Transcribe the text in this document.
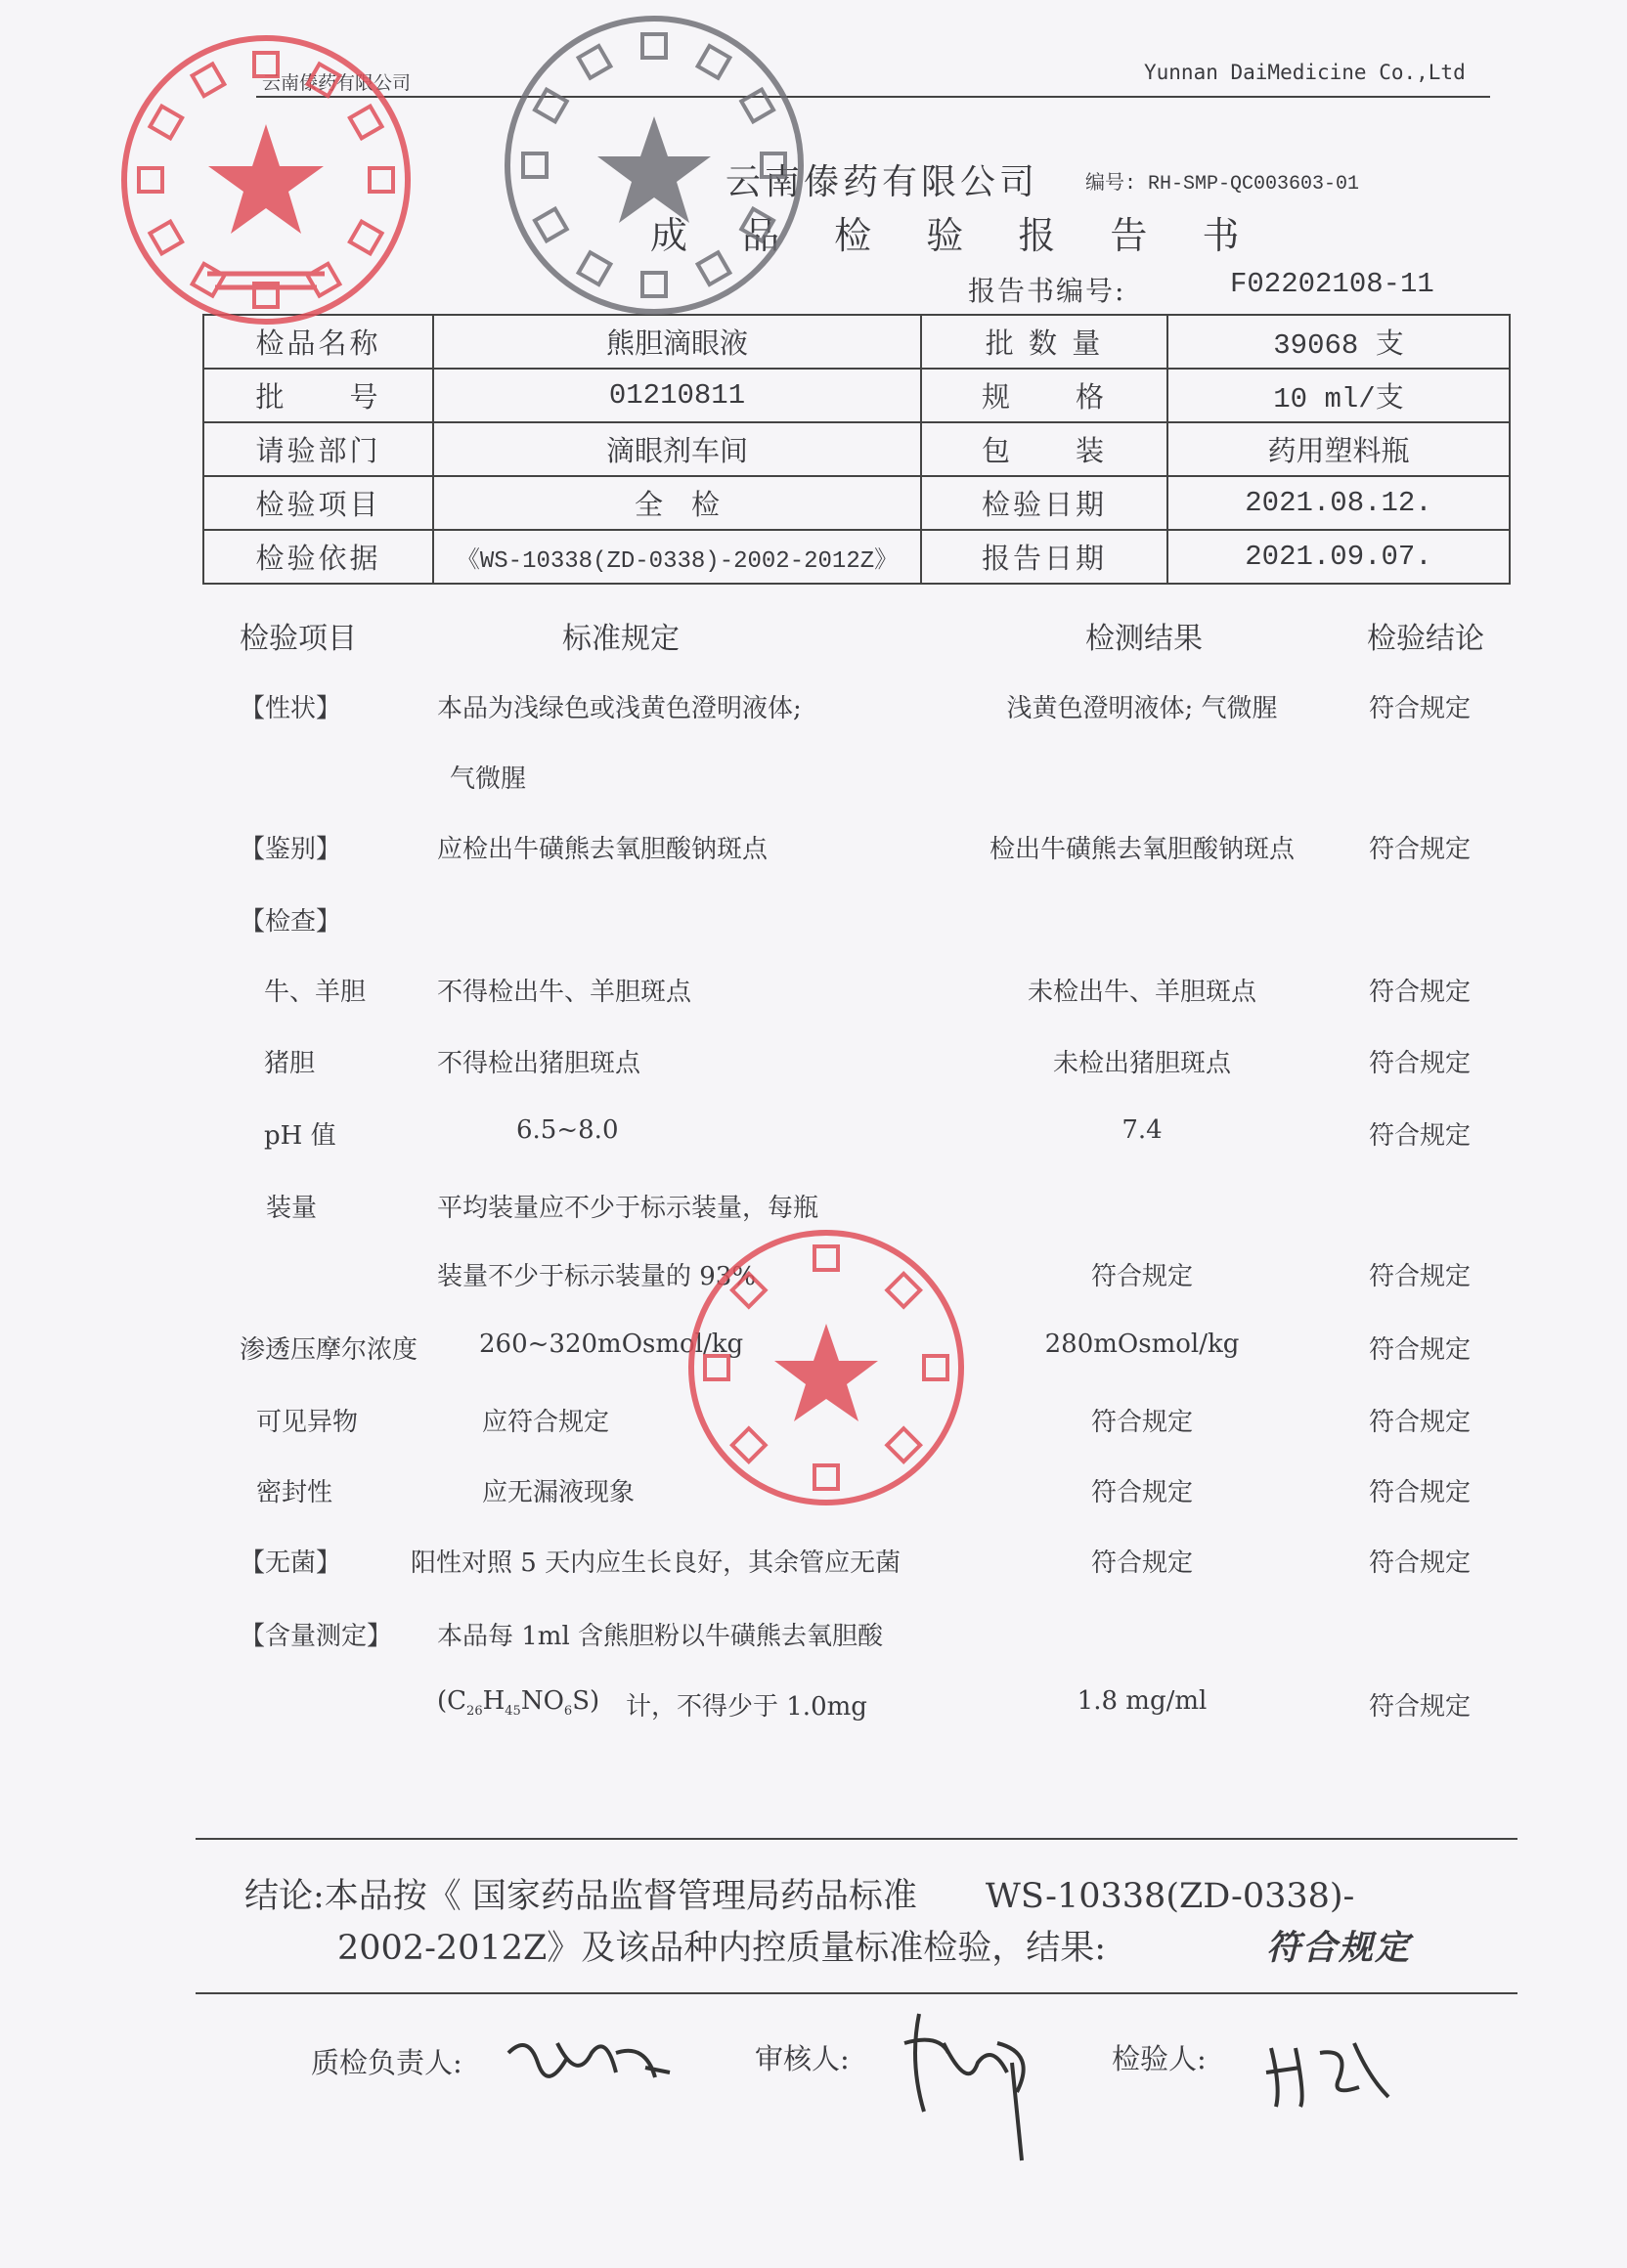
云南傣药有限公司	Yunnan DaiMedicine Co.,Ltd
云南傣药有限公司 编号: RH-SMP-QC003603-01
成 品 检 验 报 告 书
报告书编号:	F02202108-11
检品名称	熊胆滴眼液	批 数 量	39068 支
批　　号	01210811	规　　格	10 ml/支
请验部门	滴眼剂车间	包　　装	药用塑料瓶
检验项目	全　检	检验日期	2021.08.12.
检验依据	《WS-10338(ZD-0338)-2002-2012Z》	报告日期	2021.09.07.
检验项目	标准规定	检测结果	检验结论
【性状】	本品为浅绿色或浅黄色澄明液体;	浅黄色澄明液体; 气微腥	符合规定
气微腥
【鉴别】	应检出牛磺熊去氧胆酸钠斑点	检出牛磺熊去氧胆酸钠斑点	符合规定
【检查】
牛、羊胆	不得检出牛、羊胆斑点	未检出牛、羊胆斑点	符合规定
猪胆	不得检出猪胆斑点	未检出猪胆斑点	符合规定
pH 值	6.5~8.0	7.4	符合规定
装量	平均装量应不少于标示装量，每瓶
装量不少于标示装量的 93%	符合规定	符合规定
渗透压摩尔浓度 260~320mOsmol/kg	280mOsmol/kg	符合规定
可见异物	应符合规定	符合规定	符合规定
密封性	应无漏液现象	符合规定	符合规定
【无菌】	阳性对照 5 天内应生长良好，其余管应无菌	符合规定	符合规定
【含量测定】 本品每 1ml 含熊胆粉以牛磺熊去氧胆酸
$(C_{26}H_{45}NO_6S)$ 计，不得少于 1.0mg	1.8 mg/ml	符合规定
结论:本品按《 国家药品监督管理局药品标准　　WS-10338(ZD-0338)-
2002-2012Z》及该品种内控质量标准检验，结果:	符合规定
质检负责人:	审核人:	检验人:
